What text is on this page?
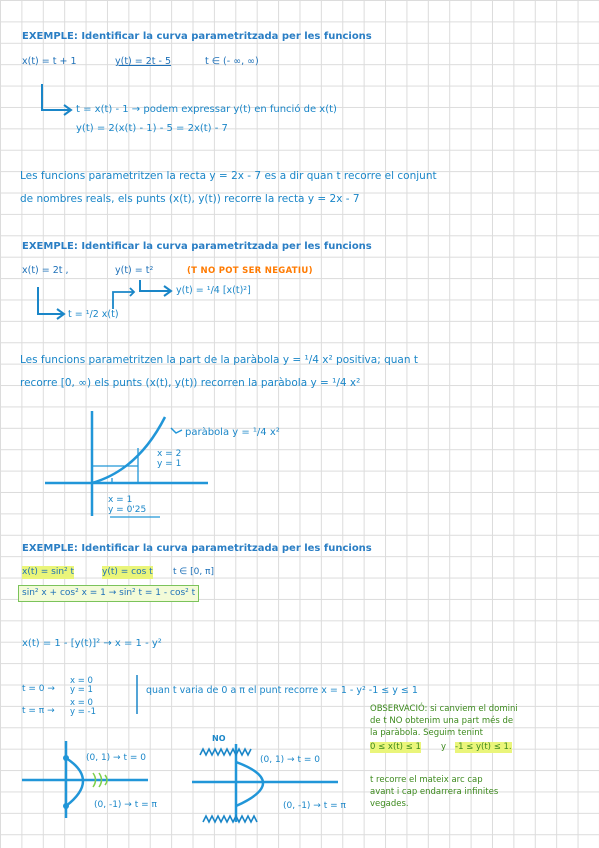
EXEMPLE: Identificar la curva parametritzada per les funcions
x(t) = t + 1	y(t) = 2t - 5	t ∈ (- ∞, ∞)
t = x(t) - 1 → podem expressar y(t) en funció de x(t)
y(t) = 2(x(t) - 1) - 5 = 2x(t) - 7
Les funcions parametritzen la recta y = 2x - 7 es a dir quan t recorre el conjunt
de nombres reals, els punts (x(t), y(t)) recorre la recta y = 2x - 7
EXEMPLE: Identificar la curva parametritzada per les funcions
x(t) = 2t ,	y(t) = t²	(T NO POT SER NEGATIU)
y(t) = ¹/4 [x(t)²]
t = ¹/2 x(t)
Les funcions parametritzen la part de la paràbola y = ¹/4 x² positiva; quan t
recorre [0, ∞) els punts (x(t), y(t)) recorren la paràbola y = ¹/4 x²
paràbola y = ¹/4 x²
x = 2
y = 1
x = 1
y = 0'25
EXEMPLE: Identificar la curva parametritzada per les funcions
x(t) = sin² t	y(t) = cos t t ∈ [0, π]
sin² x + cos² x = 1 → sin² t = 1 - cos² t
x(t) = 1 - [y(t)]² → x = 1 - y²
t = 0 →
x = 0
y = 1
t = π →
x = 0
y = -1
quan t varia de 0 a π el punt recorre x = 1 - y² -1 ≤ y ≤ 1
OBSERVACIÓ: si canviem el domini
de t NO obtenim una part més de
la paràbola. Seguim tenint
0 ≤ x(t) ≤ 1 y -1 ≤ y(t) ≤ 1.
t recorre el mateix arc cap
avant i cap endarrera infinites
vegades.
(0, 1) → t = 0
(0, -1) → t = π
NO
(0, 1) → t = 0
(0, -1) → t = π
